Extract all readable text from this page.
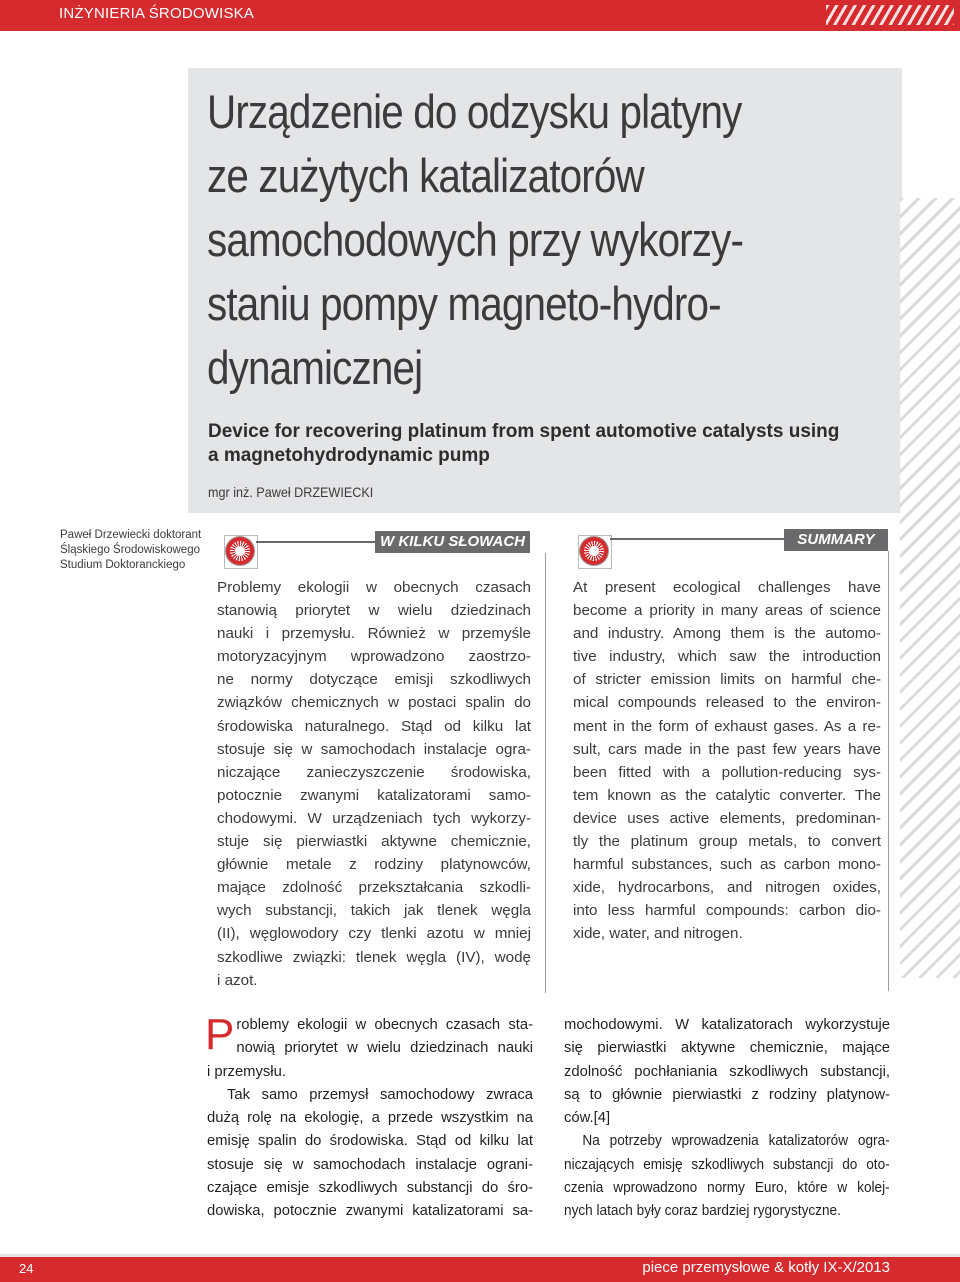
INŻYNIERIA ŚRODOWISKA
Urządzenie do odzysku platyny
ze zużytych katalizatorów
samochodowych przy wykorzy-
staniu pompy magneto-hydro-
dynamicznej
Device for recovering platinum from spent automotive catalysts using
a magnetohydrodynamic pump
mgr inż. Paweł DRZEWIECKI
Paweł Drzewiecki doktorant
Śląskiego Środowiskowego
Studium Doktoranckiego
W KILKU SŁOWACH
Problemy ekologii w obecnych czasach
stanowią priorytet w wielu dziedzinach
nauki i przemysłu. Również w przemyśle
motoryzacyjnym wprowadzono zaostrzo-
ne normy dotyczące emisji szkodliwych
związków chemicznych w postaci spalin do
środowiska naturalnego. Stąd od kilku lat
stosuje się w samochodach instalacje ogra-
niczające zanieczyszczenie środowiska,
potocznie zwanymi katalizatorami samo-
chodowymi. W urządzeniach tych wykorzy-
stuje się pierwiastki aktywne chemicznie,
głównie metale z rodziny platynowców,
mające zdolność przekształcania szkodli-
wych substancji, takich jak tlenek węgla
(II), węglowodory czy tlenki azotu w mniej
szkodliwe związki: tlenek węgla (IV), wodę
i azot.
SUMMARY
At present ecological challenges have
become a priority in many areas of science
and industry. Among them is the automo-
tive industry, which saw the introduction
of stricter emission limits on harmful che-
mical compounds released to the environ-
ment in the form of exhaust gases. As a re-
sult, cars made in the past few years have
been fitted with a pollution-reducing sys-
tem known as the catalytic converter. The
device uses active elements, predominan-
tly the platinum group metals, to convert
harmful substances, such as carbon mono-
xide, hydrocarbons, and nitrogen oxides,
into less harmful compounds: carbon dio-
xide, water, and nitrogen.
P roblemy ekologii w obecnych czasach sta-
nowią priorytet w wielu dziedzinach nauki
i przemysłu.
Tak samo przemysł samochodowy zwraca
dużą rolę na ekologię, a przede wszystkim na
emisję spalin do środowiska. Stąd od kilku lat
stosuje się w samochodach instalacje ograni-
czające emisje szkodliwych substancji do śro-
dowiska, potocznie zwanymi katalizatorami sa-
mochodowymi. W katalizatorach wykorzystuje
się pierwiastki aktywne chemicznie, mające
zdolność pochłaniania szkodliwych substancji,
są to głównie pierwiastki z rodziny platynow-
ców.[4]
Na potrzeby wprowadzenia katalizatorów ogra-
niczających emisję szkodliwych substancji do oto-
czenia wprowadzono normy Euro, które w kolej-
nych latach były coraz bardziej rygorystyczne.
24	piece przemysłowe & kotły IX-X/2013
